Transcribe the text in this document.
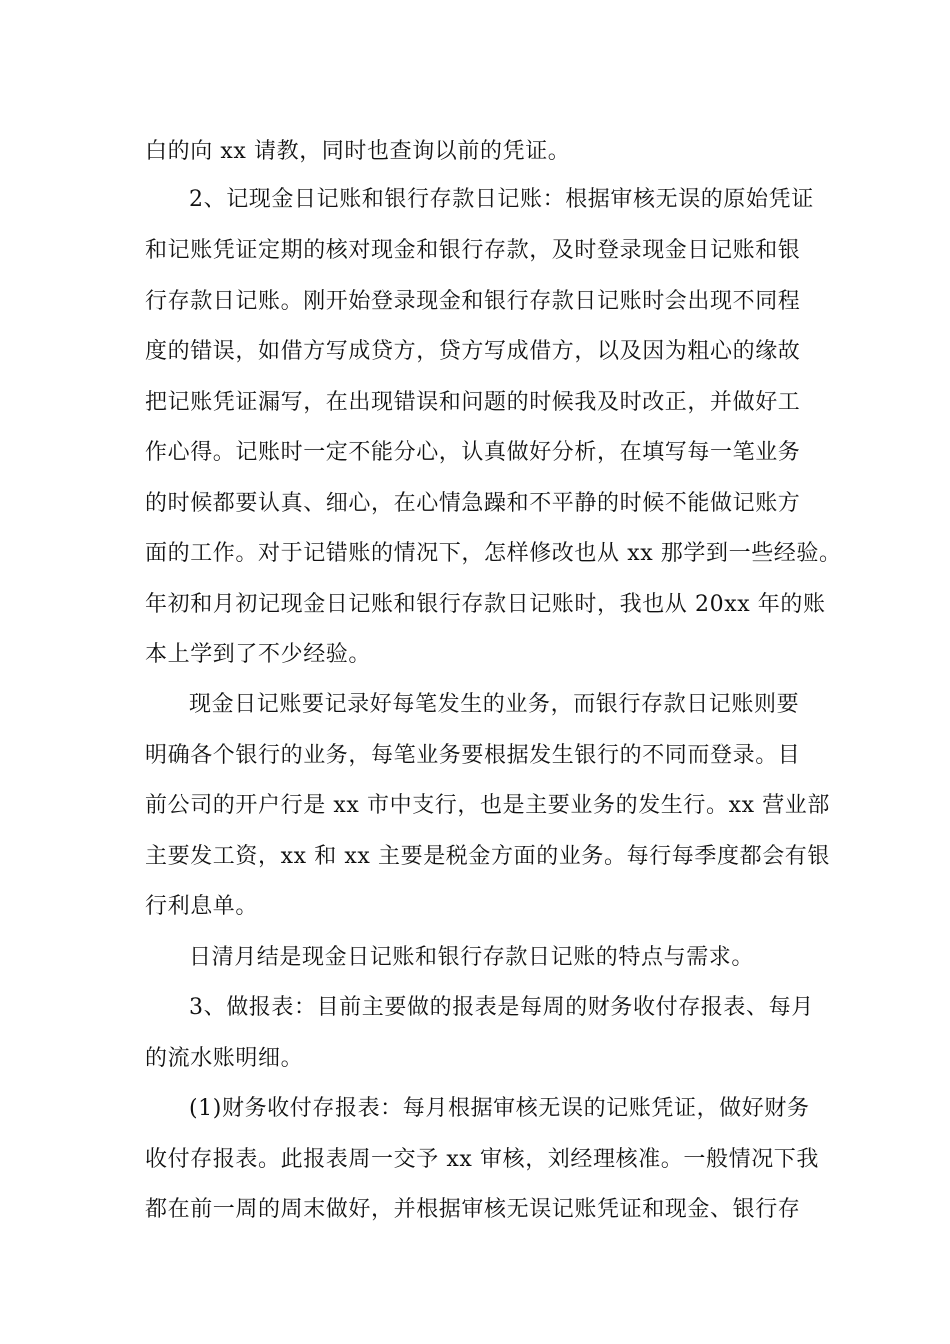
白的向 xx 请教，同时也查询以前的凭证。
2、记现金日记账和银行存款日记账：根据审核无误的原始凭证
和记账凭证定期的核对现金和银行存款，及时登录现金日记账和银
行存款日记账。刚开始登录现金和银行存款日记账时会出现不同程
度的错误，如借方写成贷方，贷方写成借方，以及因为粗心的缘故
把记账凭证漏写，在出现错误和问题的时候我及时改正，并做好工
作心得。记账时一定不能分心，认真做好分析，在填写每一笔业务
的时候都要认真、细心，在心情急躁和不平静的时候不能做记账方
面的工作。对于记错账的情况下，怎样修改也从 xx 那学到一些经验。
年初和月初记现金日记账和银行存款日记账时，我也从 20xx 年的账
本上学到了不少经验。
现金日记账要记录好每笔发生的业务，而银行存款日记账则要
明确各个银行的业务，每笔业务要根据发生银行的不同而登录。目
前公司的开户行是 xx 市中支行，也是主要业务的发生行。xx 营业部
主要发工资，xx 和 xx 主要是税金方面的业务。每行每季度都会有银
行利息单。
日清月结是现金日记账和银行存款日记账的特点与需求。
3、做报表：目前主要做的报表是每周的财务收付存报表、每月
的流水账明细。
(1)财务收付存报表：每月根据审核无误的记账凭证，做好财务
收付存报表。此报表周一交予 xx 审核，刘经理核准。一般情况下我
都在前一周的周末做好，并根据审核无误记账凭证和现金、银行存
